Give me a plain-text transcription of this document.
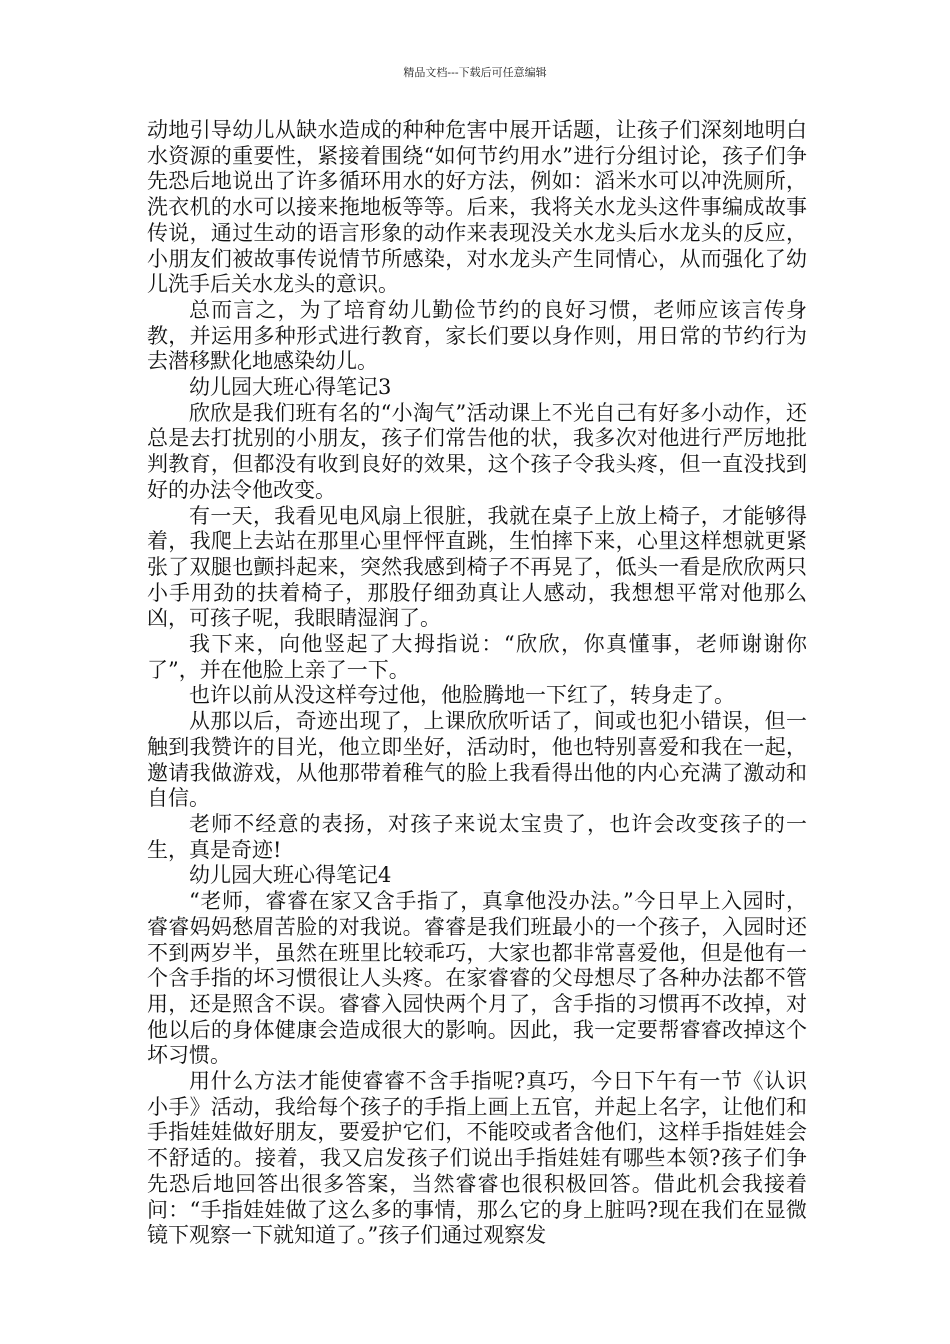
精品文档---下载后可任意编辑

动地引导幼儿从缺水造成的种种危害中展开话题，让孩子们深刻地明白水资源的重要性，紧接着围绕“如何节约用水”进行分组讨论，孩子们争先恐后地说出了许多循环用水的好方法，例如：滔米水可以冲洗厕所，洗衣机的水可以接来拖地板等等。后来，我将关水龙头这件事编成故事传说，通过生动的语言形象的动作来表现没关水龙头后水龙头的反应，小朋友们被故事传说情节所感染，对水龙头产生同情心，从而强化了幼儿洗手后关水龙头的意识。

总而言之，为了培育幼儿勤俭节约的良好习惯，老师应该言传身教，并运用多种形式进行教育，家长们要以身作则，用日常的节约行为去潜移默化地感染幼儿。

幼儿园大班心得笔记3

欣欣是我们班有名的“小淘气”活动课上不光自己有好多小动作，还总是去打扰别的小朋友，孩子们常告他的状，我多次对他进行严厉地批判教育，但都没有收到良好的效果，这个孩子令我头疼，但一直没找到好的办法令他改变。

有一天，我看见电风扇上很脏，我就在桌子上放上椅子，才能够得着，我爬上去站在那里心里怦怦直跳，生怕摔下来，心里这样想就更紧张了双腿也颤抖起来，突然我感到椅子不再晃了，低头一看是欣欣两只小手用劲的扶着椅子，那股仔细劲真让人感动，我想想平常对他那么凶，可孩子呢，我眼睛湿润了。

我下来，向他竖起了大拇指说：“欣欣，你真懂事，老师谢谢你了”，并在他脸上亲了一下。

也许以前从没这样夸过他，他脸腾地一下红了，转身走了。

从那以后，奇迹出现了，上课欣欣听话了，间或也犯小错误，但一触到我赞许的目光，他立即坐好，活动时，他也特别喜爱和我在一起，邀请我做游戏，从他那带着稚气的脸上我看得出他的内心充满了激动和自信。

老师不经意的表扬，对孩子来说太宝贵了，也许会改变孩子的一生，真是奇迹!

幼儿园大班心得笔记4

“老师，睿睿在家又含手指了，真拿他没办法。”今日早上入园时，睿睿妈妈愁眉苦脸的对我说。睿睿是我们班最小的一个孩子，入园时还不到两岁半，虽然在班里比较乖巧，大家也都非常喜爱他，但是他有一个含手指的坏习惯很让人头疼。在家睿睿的父母想尽了各种办法都不管用，还是照含不误。睿睿入园快两个月了，含手指的习惯再不改掉，对他以后的身体健康会造成很大的影响。因此，我一定要帮睿睿改掉这个坏习惯。

用什么方法才能使睿睿不含手指呢?真巧，今日下午有一节《认识小手》活动，我给每个孩子的手指上画上五官，并起上名字，让他们和手指娃娃做好朋友，要爱护它们，不能咬或者含他们，这样手指娃娃会不舒适的。接着，我又启发孩子们说出手指娃娃有哪些本领?孩子们争先恐后地回答出很多答案，当然睿睿也很积极回答。借此机会我接着问：“手指娃娃做了这么多的事情，那么它的身上脏吗?现在我们在显微镜下观察一下就知道了。”孩子们通过观察发
